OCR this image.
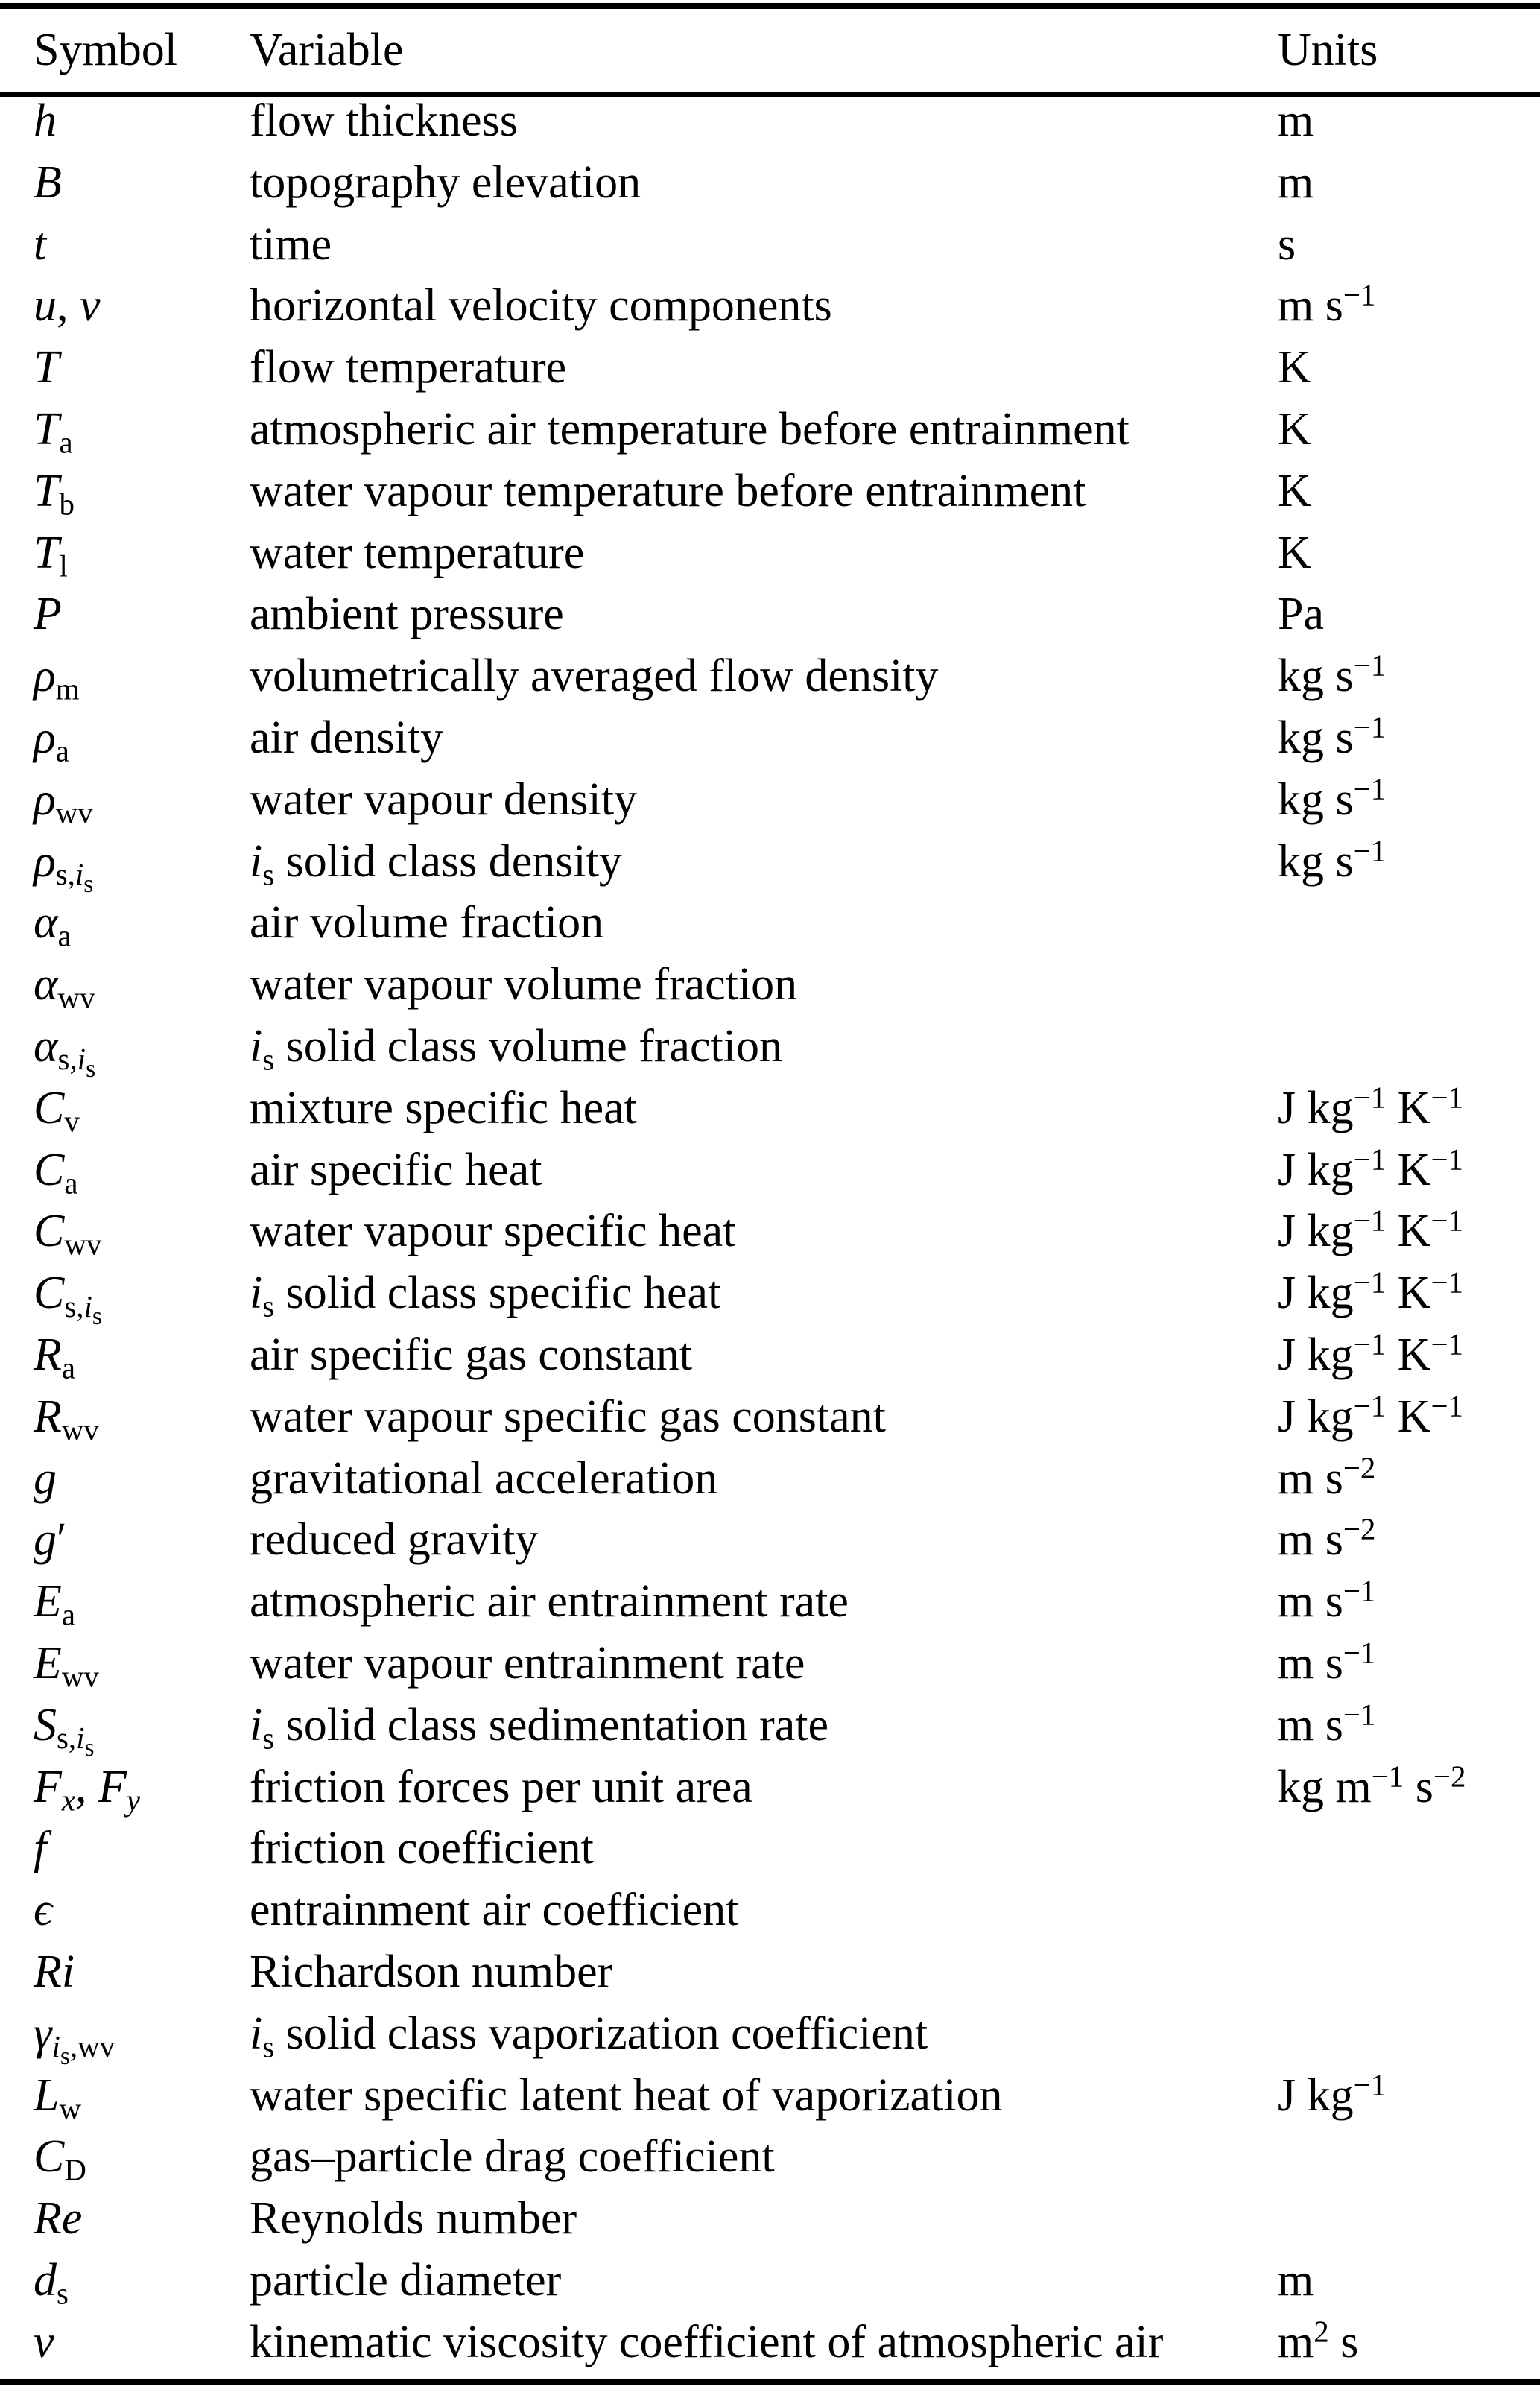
Symbol	Variable	Units
h	flow thickness	m
B	topography elevation	m
t	time	s
u, v	horizontal velocity components	m $s^{-1}$
T	flow temperature	K
$T_a$	atmospheric air temperature before entrainment	K
$T_b$	water vapour temperature before entrainment	K
$T_l$	water temperature	K
P	ambient pressure	Pa
$\rho_m$	volumetrically averaged flow density	kg $s^{-1}$
$\rho_a$	air density	kg $s^{-1}$
$\rho_{wv}$	water vapour density	kg $s^{-1}$
$\rho_{s,i_s}$	$i_s$ solid class density	kg $s^{-1}$
$\alpha_a$	air volume fraction	
$\alpha_{wv}$	water vapour volume fraction	
$\alpha_{s,i_s}$	$i_s$ solid class volume fraction	
$C_v$	mixture specific heat	J $kg^{-1}$ $K^{-1}$
$C_a$	air specific heat	J $kg^{-1}$ $K^{-1}$
$C_{wv}$	water vapour specific heat	J $kg^{-1}$ $K^{-1}$
$C_{s,i_s}$	$i_s$ solid class specific heat	J $kg^{-1}$ $K^{-1}$
$R_a$	air specific gas constant	J $kg^{-1}$ $K^{-1}$
$R_{wv}$	water vapour specific gas constant	J $kg^{-1}$ $K^{-1}$
g	gravitational acceleration	m $s^{-2}$
g′	reduced gravity	m $s^{-2}$
$E_a$	atmospheric air entrainment rate	m $s^{-1}$
$E_{wv}$	water vapour entrainment rate	m $s^{-1}$
$S_{s,i_s}$	$i_s$ solid class sedimentation rate	m $s^{-1}$
$F_x$, $F_y$	friction forces per unit area	kg $m^{-1}$ $s^{-2}$
f	friction coefficient	
ϵ	entrainment air coefficient	
Ri	Richardson number	
$\gamma_{i_s,wv}$	$i_s$ solid class vaporization coefficient	
$L_w$	water specific latent heat of vaporization	J $kg^{-1}$
$C_D$	gas–particle drag coefficient	
Re	Reynolds number	
$d_s$	particle diameter	m
ν	kinematic viscosity coefficient of atmospheric air	$m^2$ s
